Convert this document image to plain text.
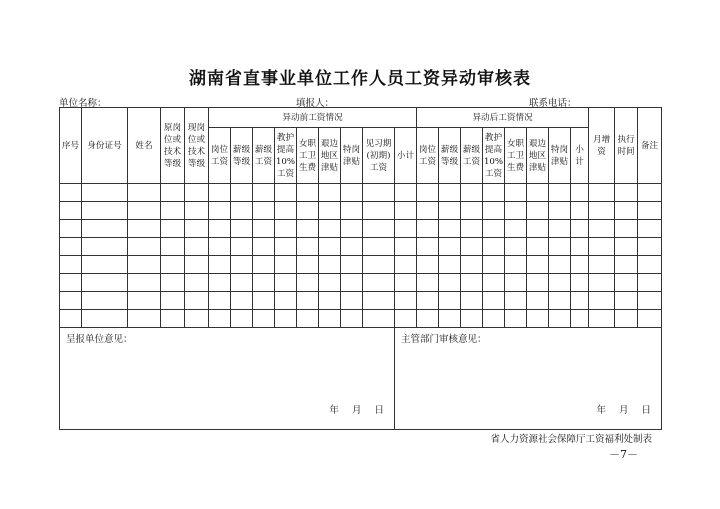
湖南省直事业单位工作人员工资异动审核表
单位名称：	填报人：	联系电话：
序号	身份证号	姓名	原岗位或技术等级	现岗位或技术等级	异动前工资情况									异动后工资情况								月增资	执行时间	备注
					岗位工资	薪级等级	薪级工资	教护提高10%工资	女职工卫生费	艰边地区津贴	特岗津贴	见习期(初期)工资	小计	岗位工资	薪级等级	薪级工资	教护提高10%工资	女职工卫生费	艰边地区津贴	特岗津贴	小计			

呈报单位意见：
年 月 日													主管部门审核意见：
年 月 日											
省人力资源社会保障厅工资福利处制表
－7－
